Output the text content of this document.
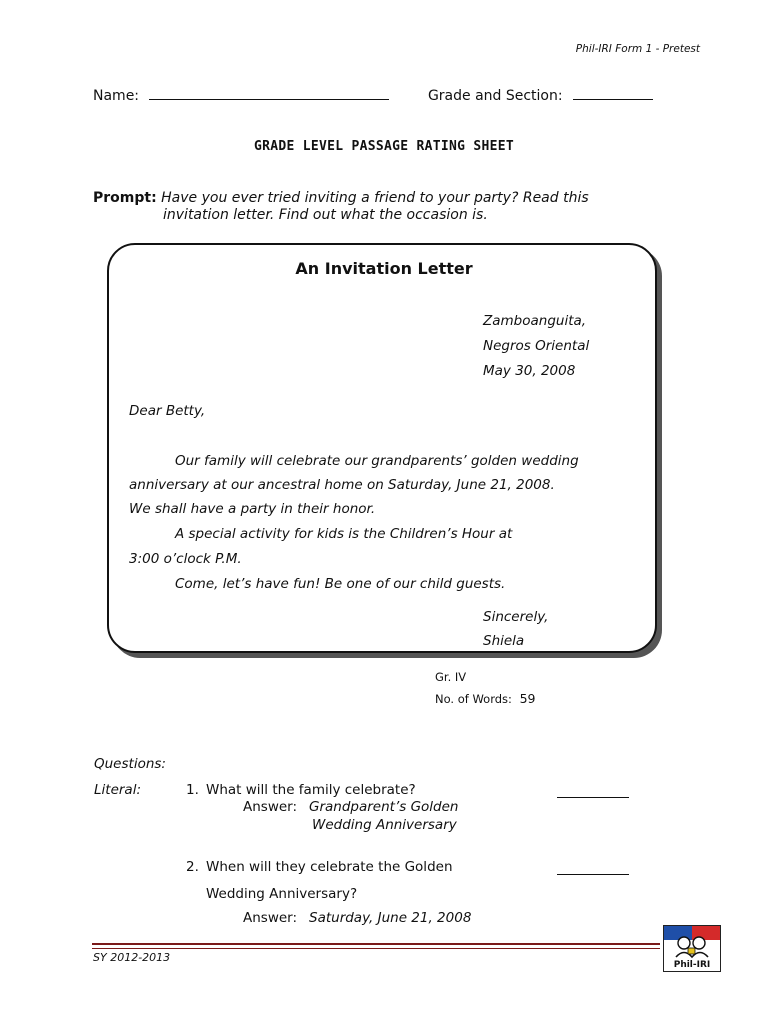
Phil-IRI Form 1 - Pretest
Name:	Grade and Section:
GRADE LEVEL PASSAGE RATING SHEET
Prompt: Have you ever tried inviting a friend to your party? Read this
invitation letter. Find out what the occasion is.
An Invitation Letter
Zamboanguita,
Negros Oriental
May 30, 2008
Dear Betty,
Our family will celebrate our grandparents’ golden wedding
anniversary at our ancestral home on Saturday, June 21, 2008.
We shall have a party in their honor.
A special activity for kids is the Children’s Hour at
3:00 o’clock P.M.
Come, let’s have fun! Be one of our child guests.
Sincerely,
Shiela
Gr. IV
No. of Words: 59
Questions:
Literal:	1. What will the family celebrate?
Answer: Grandparent’s Golden
Wedding Anniversary
2. When will they celebrate the Golden
Wedding Anniversary?
Answer: Saturday, June 21, 2008
SY 2012-2013
Phil-IRI
